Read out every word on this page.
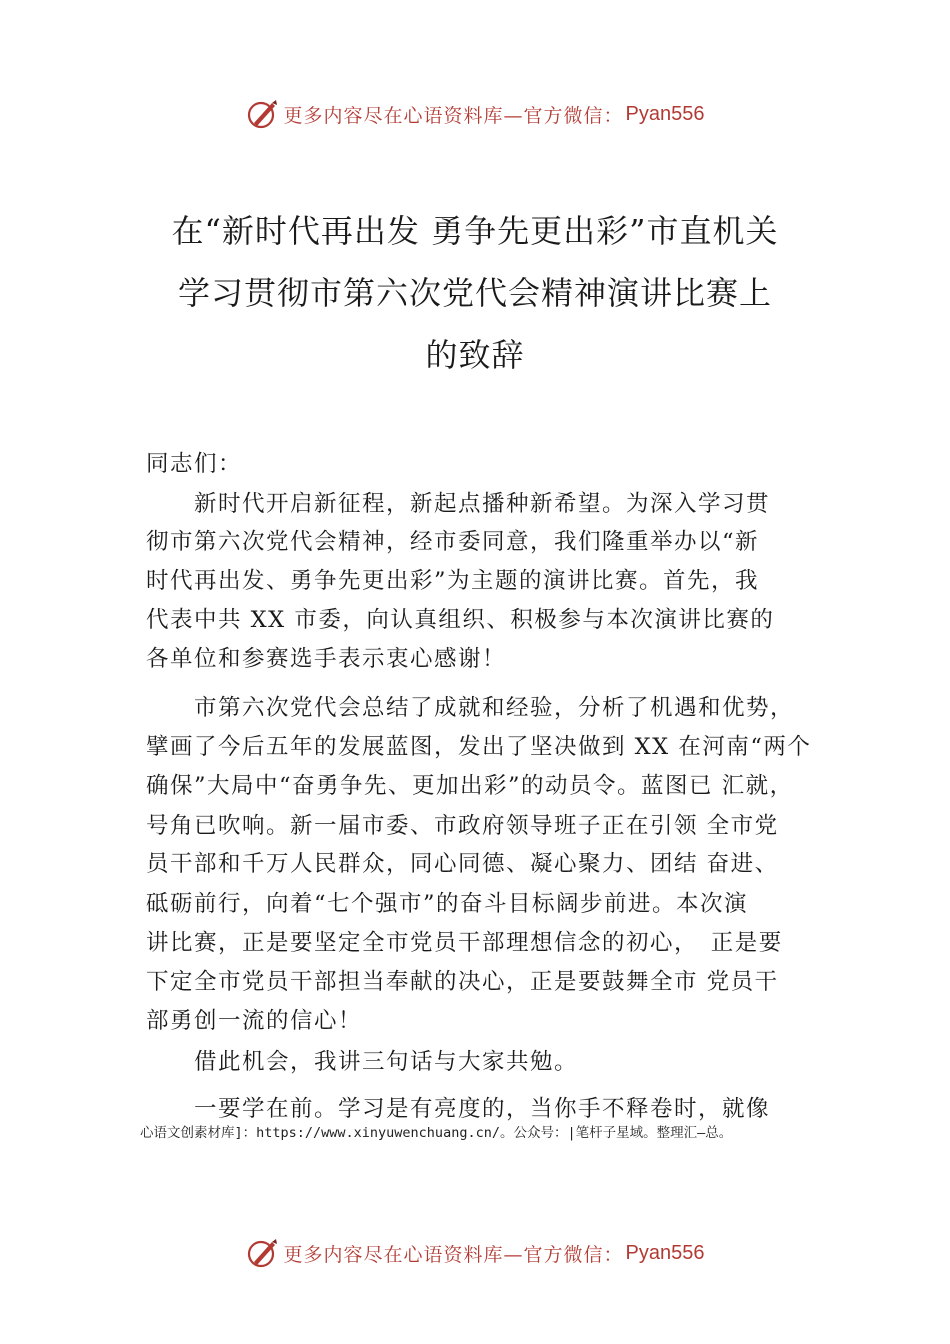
更多内容尽在心语资料库—官方微信： Pyan556
在“新时代再出发 勇争先更出彩”市直机关
学习贯彻市第六次党代会精神演讲比赛上
的致辞
同志们：
　　新时代开启新征程，新起点播种新希望。为深入学习贯
彻市第六次党代会精神，经市委同意，我们隆重举办以“新
时代再出发、勇争先更出彩”为主题的演讲比赛。首先，我
代表中共 XX 市委，向认真组织、积极参与本次演讲比赛的
各单位和参赛选手表示衷心感谢！
　　市第六次党代会总结了成就和经验，分析了机遇和优势，
擘画了今后五年的发展蓝图，发出了坚决做到 XX 在河南“两个
确保”大局中“奋勇争先、更加出彩”的动员令。蓝图已 汇就，
号角已吹响。新一届市委、市政府领导班子正在引领 全市党
员干部和千万人民群众，同心同德、凝心聚力、团结 奋进、
砥砺前行，向着“七个强市”的奋斗目标阔步前进。本次演
讲比赛，正是要坚定全市党员干部理想信念的初心，　正是要
下定全市党员干部担当奉献的决心，正是要鼓舞全市 党员干
部勇创一流的信心！
　　借此机会，我讲三句话与大家共勉。
　　一要学在前。学习是有亮度的，当你手不释卷时，就像
心语文创素材库]：https://www.xinyuwenchuang.cn/。公众号：|笔杆子星域。整理汇—总。
更多内容尽在心语资料库—官方微信： Pyan556
